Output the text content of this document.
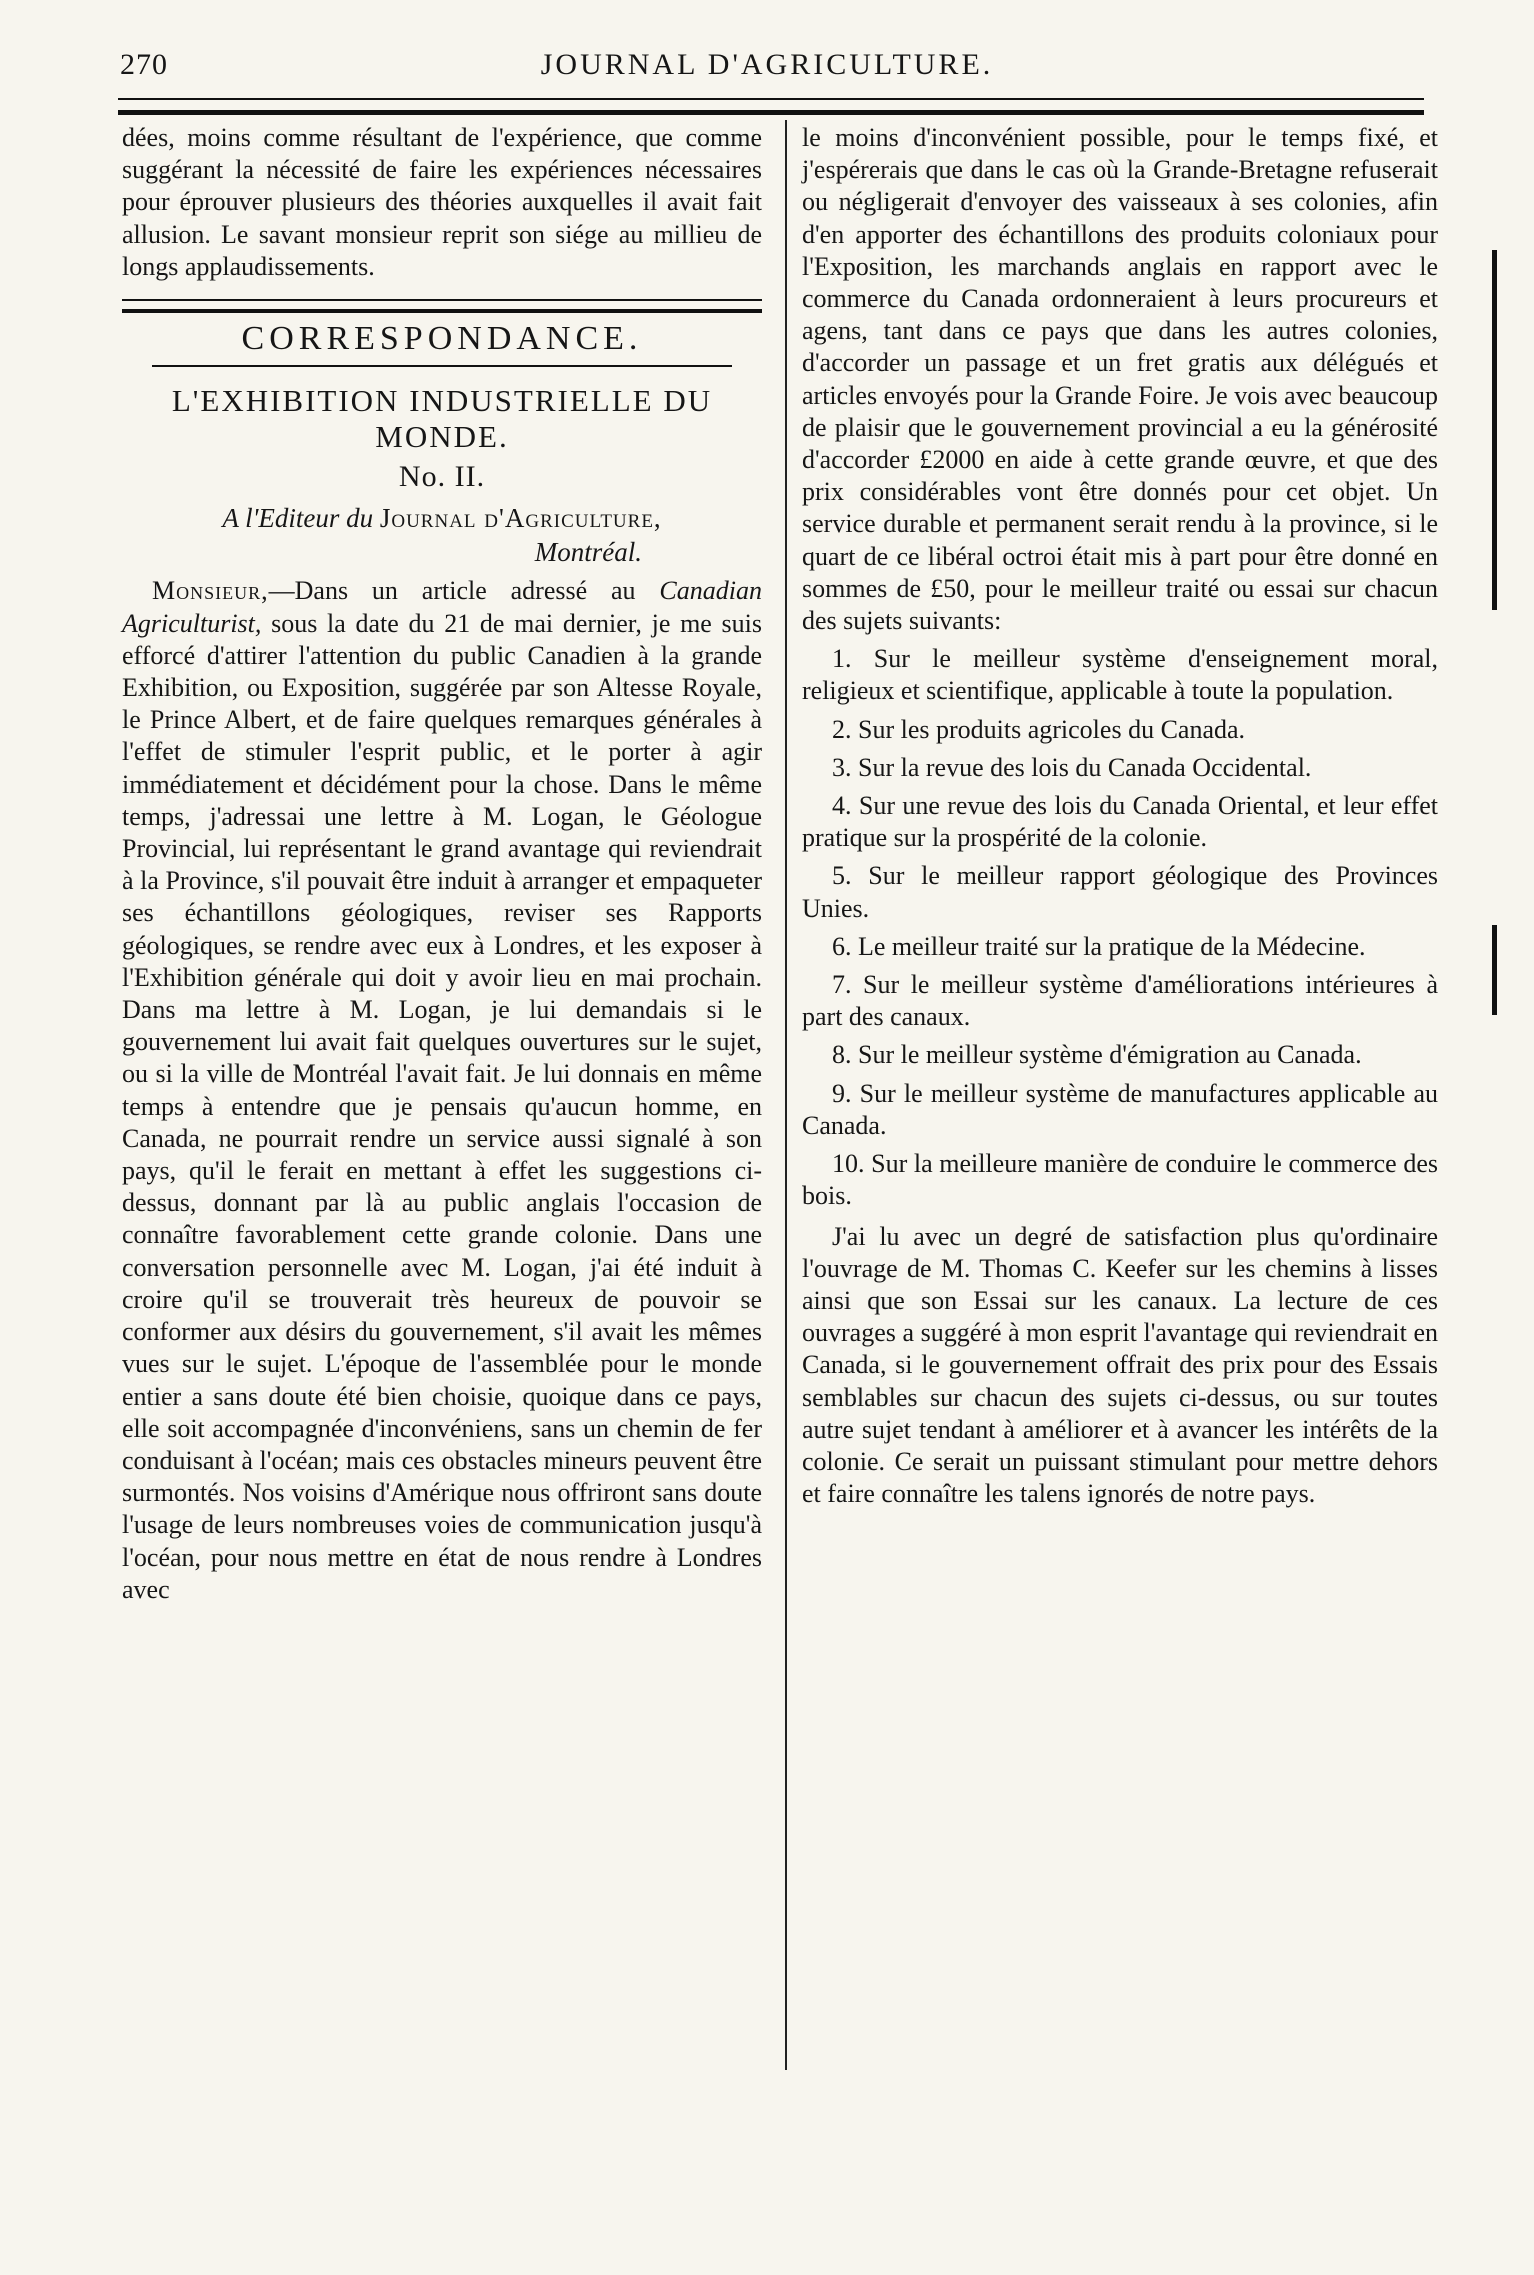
270	JOURNAL D'AGRICULTURE.

dées, moins comme résultant de l'expérience, que comme suggérant la nécessité de faire les expériences nécessaires pour éprouver plusieurs des théories auxquelles il avait fait allusion. Le savant monsieur reprit son siége au millieu de longs applaudissements.

CORRESPONDANCE.
L'EXHIBITION INDUSTRIELLE DU MONDE.
No. II.
A l'Editeur du Journal d'Agriculture,
Montréal.

Monsieur,—Dans un article adressé au Canadian Agriculturist, sous la date du 21 de mai dernier, je me suis efforcé d'attirer l'attention du public Canadien à la grande Exhibition, ou Exposition, suggérée par son Altesse Royale, le Prince Albert, et de faire quelques remarques générales à l'effet de stimuler l'esprit public, et le porter à agir immédiatement et décidément pour la chose. Dans le même temps, j'adressai une lettre à M. Logan, le Géologue Provincial, lui représentant le grand avantage qui reviendrait à la Province, s'il pouvait être induit à arranger et empaqueter ses échantillons géologiques, reviser ses Rapports géologiques, se rendre avec eux à Londres, et les exposer à l'Exhibition générale qui doit y avoir lieu en mai prochain. Dans ma lettre à M. Logan, je lui demandais si le gouvernement lui avait fait quelques ouvertures sur le sujet, ou si la ville de Montréal l'avait fait. Je lui donnais en même temps à entendre que je pensais qu'aucun homme, en Canada, ne pourrait rendre un service aussi signalé à son pays, qu'il le ferait en mettant à effet les suggestions ci-dessus, donnant par là au public anglais l'occasion de connaître favorablement cette grande colonie. Dans une conversation personnelle avec M. Logan, j'ai été induit à croire qu'il se trouverait très heureux de pouvoir se conformer aux désirs du gouvernement, s'il avait les mêmes vues sur le sujet. L'époque de l'assemblée pour le monde entier a sans doute été bien choisie, quoique dans ce pays, elle soit accompagnée d'inconvéniens, sans un chemin de fer conduisant à l'océan; mais ces obstacles mineurs peuvent être surmontés. Nos voisins d'Amérique nous offriront sans doute l'usage de leurs nombreuses voies de communication jusqu'à l'océan, pour nous mettre en état de nous rendre à Londres avec

le moins d'inconvénient possible, pour le temps fixé, et j'espérerais que dans le cas où la Grande-Bretagne refuserait ou négligerait d'envoyer des vaisseaux à ses colonies, afin d'en apporter des échantillons des produits coloniaux pour l'Exposition, les marchands anglais en rapport avec le commerce du Canada ordonneraient à leurs procureurs et agens, tant dans ce pays que dans les autres colonies, d'accorder un passage et un fret gratis aux délégués et articles envoyés pour la Grande Foire. Je vois avec beaucoup de plaisir que le gouvernement provincial a eu la générosité d'accorder £2000 en aide à cette grande œuvre, et que des prix considérables vont être donnés pour cet objet. Un service durable et permanent serait rendu à la province, si le quart de ce libéral octroi était mis à part pour être donné en sommes de £50, pour le meilleur traité ou essai sur chacun des sujets suivants:

1. Sur le meilleur système d'enseignement moral, religieux et scientifique, applicable à toute la population.

2. Sur les produits agricoles du Canada.

3. Sur la revue des lois du Canada Occidental.

4. Sur une revue des lois du Canada Oriental, et leur effet pratique sur la prospérité de la colonie.

5. Sur le meilleur rapport géologique des Provinces Unies.

6. Le meilleur traité sur la pratique de la Médecine.

7. Sur le meilleur système d'améliorations intérieures à part des canaux.

8. Sur le meilleur système d'émigration au Canada.

9. Sur le meilleur système de manufactures applicable au Canada.

10. Sur la meilleure manière de conduire le commerce des bois.

J'ai lu avec un degré de satisfaction plus qu'ordinaire l'ouvrage de M. Thomas C. Keefer sur les chemins à lisses ainsi que son Essai sur les canaux. La lecture de ces ouvrages a suggéré à mon esprit l'avantage qui reviendrait en Canada, si le gouvernement offrait des prix pour des Essais semblables sur chacun des sujets ci-dessus, ou sur toutes autre sujet tendant à améliorer et à avancer les intérêts de la colonie. Ce serait un puissant stimulant pour mettre dehors et faire connaître les talens ignorés de notre pays.
